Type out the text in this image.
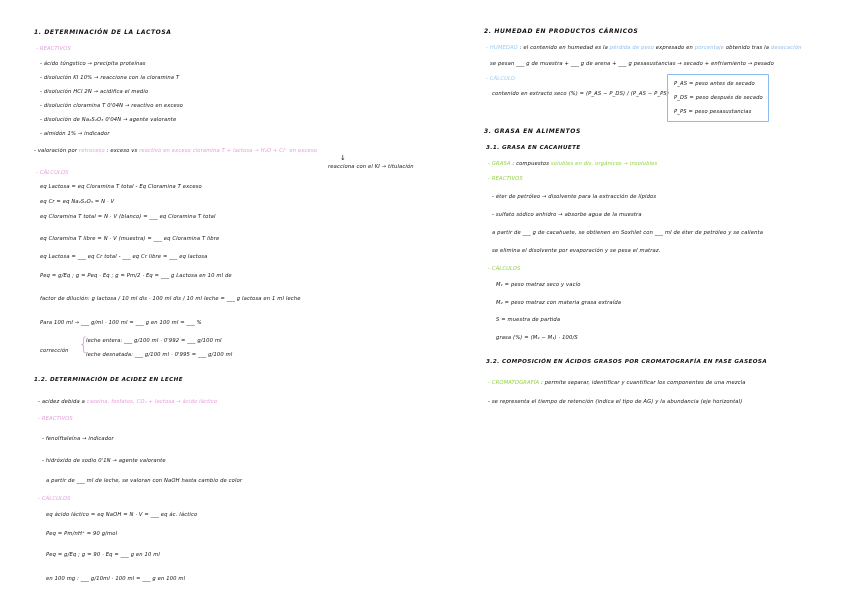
1. DETERMINACIÓN DE LA LACTOSA
- REACTIVOS
- ácido túngstico → precipita proteínas
- disolución KI 10% → reacciona con la cloramina T
- disolución HCl 2N → acidifica el medio
- disolución cloramina T 0'04N → reactivo en exceso
- disolución de Na₂S₂O₃ 0'04N → agente valorante
- almidón 1% → indicador
- valoración por retroceso : exceso vs reactivo en exceso cloramina T + lactosa → H₂O + Cl⁻ en exceso
↓
reacciona con el KI → titulación
- CÁLCULOS
eq Lactosa = eq Cloramina T total - Eq Cloramina T exceso
eq Cr = eq Na₂S₂O₃ = N · V
eq Cloramina T total = N · V (blanco) = ___ eq Cloramina T total
eq Cloramina T libre = N · V (muestra) = ___ eq Cloramina T libre
eq Lactosa = ___ eq Cr total - ___ eq Cr libre = ___ eq lactosa
Peq = g/Eq ; g = Peq · Eq ; g = Pm/2 · Eq = ___ g Lactosa en 10 ml de
factor de dilución: g lactosa / 10 ml dis · 100 ml dis / 10 ml leche = ___ g lactosa en 1 ml leche
Para 100 ml → ___ g/ml · 100 ml = ___ g en 100 ml = ___ %
corrección {
leche entera: ___ g/100 ml · 0'992 = ___ g/100 ml
leche desnatada: ___ g/100 ml · 0'995 = ___ g/100 ml
1.2. DETERMINACIÓN DE ACIDEZ EN LECHE
- acidez debida a caseína, fosfatos, CO₂ + lactosa → ácido láctico
- REACTIVOS
- fenolftaleína → indicador
- hidróxido de sodio 0'1N → agente valorante
a partir de ___ ml de leche, se valoran con NaOH hasta cambio de color
- CÁLCULOS
eq ácido láctico = eq NaOH = N · V = ___ eq ác. láctico
Peq = Pm/nH⁺ = 90 g/mol
Peq = g/Eq ; g = 90 · Eq = ___ g en 10 ml
en 100 mg : ___ g/10ml · 100 ml = ___ g en 100 ml
2. HUMEDAD EN PRODUCTOS CÁRNICOS
- HUMEDAD : el contenido en humedad es la pérdida de peso expresado en porcentaje obtenido tras la desecación
se pesan ___ g de muestra + ___ g de arena + ___ g pesasustancias → secado + enfriamiento → pesado
- CÁLCULO
contenido en extracto seco (%) = (P_AS − P_DS) / (P_AS − P_PS)
P_AS = peso antes de secado
P_DS = peso después de secado
P_PS = peso pesasustancias
3. GRASA EN ALIMENTOS
3.1. GRASA EN CACAHUETE
- GRASA : compuestos solubles en dis. orgánicos → insolubles
- REACTIVOS
- éter de petróleo → disolvente para la extracción de lípidos
- sulfato sódico anhidro → absorbe agua de la muestra
a partir de ___ g de cacahuete, se obtienen en Soxhlet con ___ ml de éter de petróleo y se calienta
se elimina el disolvente por evaporación y se pesa el matraz.
- CÁLCULOS
M₁ = peso matraz seco y vacío
M₂ = peso matraz con materia grasa extraída
S = muestra de partida
grasa (%) = (M₂ − M₁) · 100/S
3.2. COMPOSICIÓN EN ÁCIDOS GRASOS POR CROMATOGRAFÍA EN FASE GASEOSA
- CROMATOGRAFÍA : permite separar, identificar y cuantificar los componentes de una mezcla
- se representa el tiempo de retención (indica el tipo de AG) y la abundancia (eje horizontal)
